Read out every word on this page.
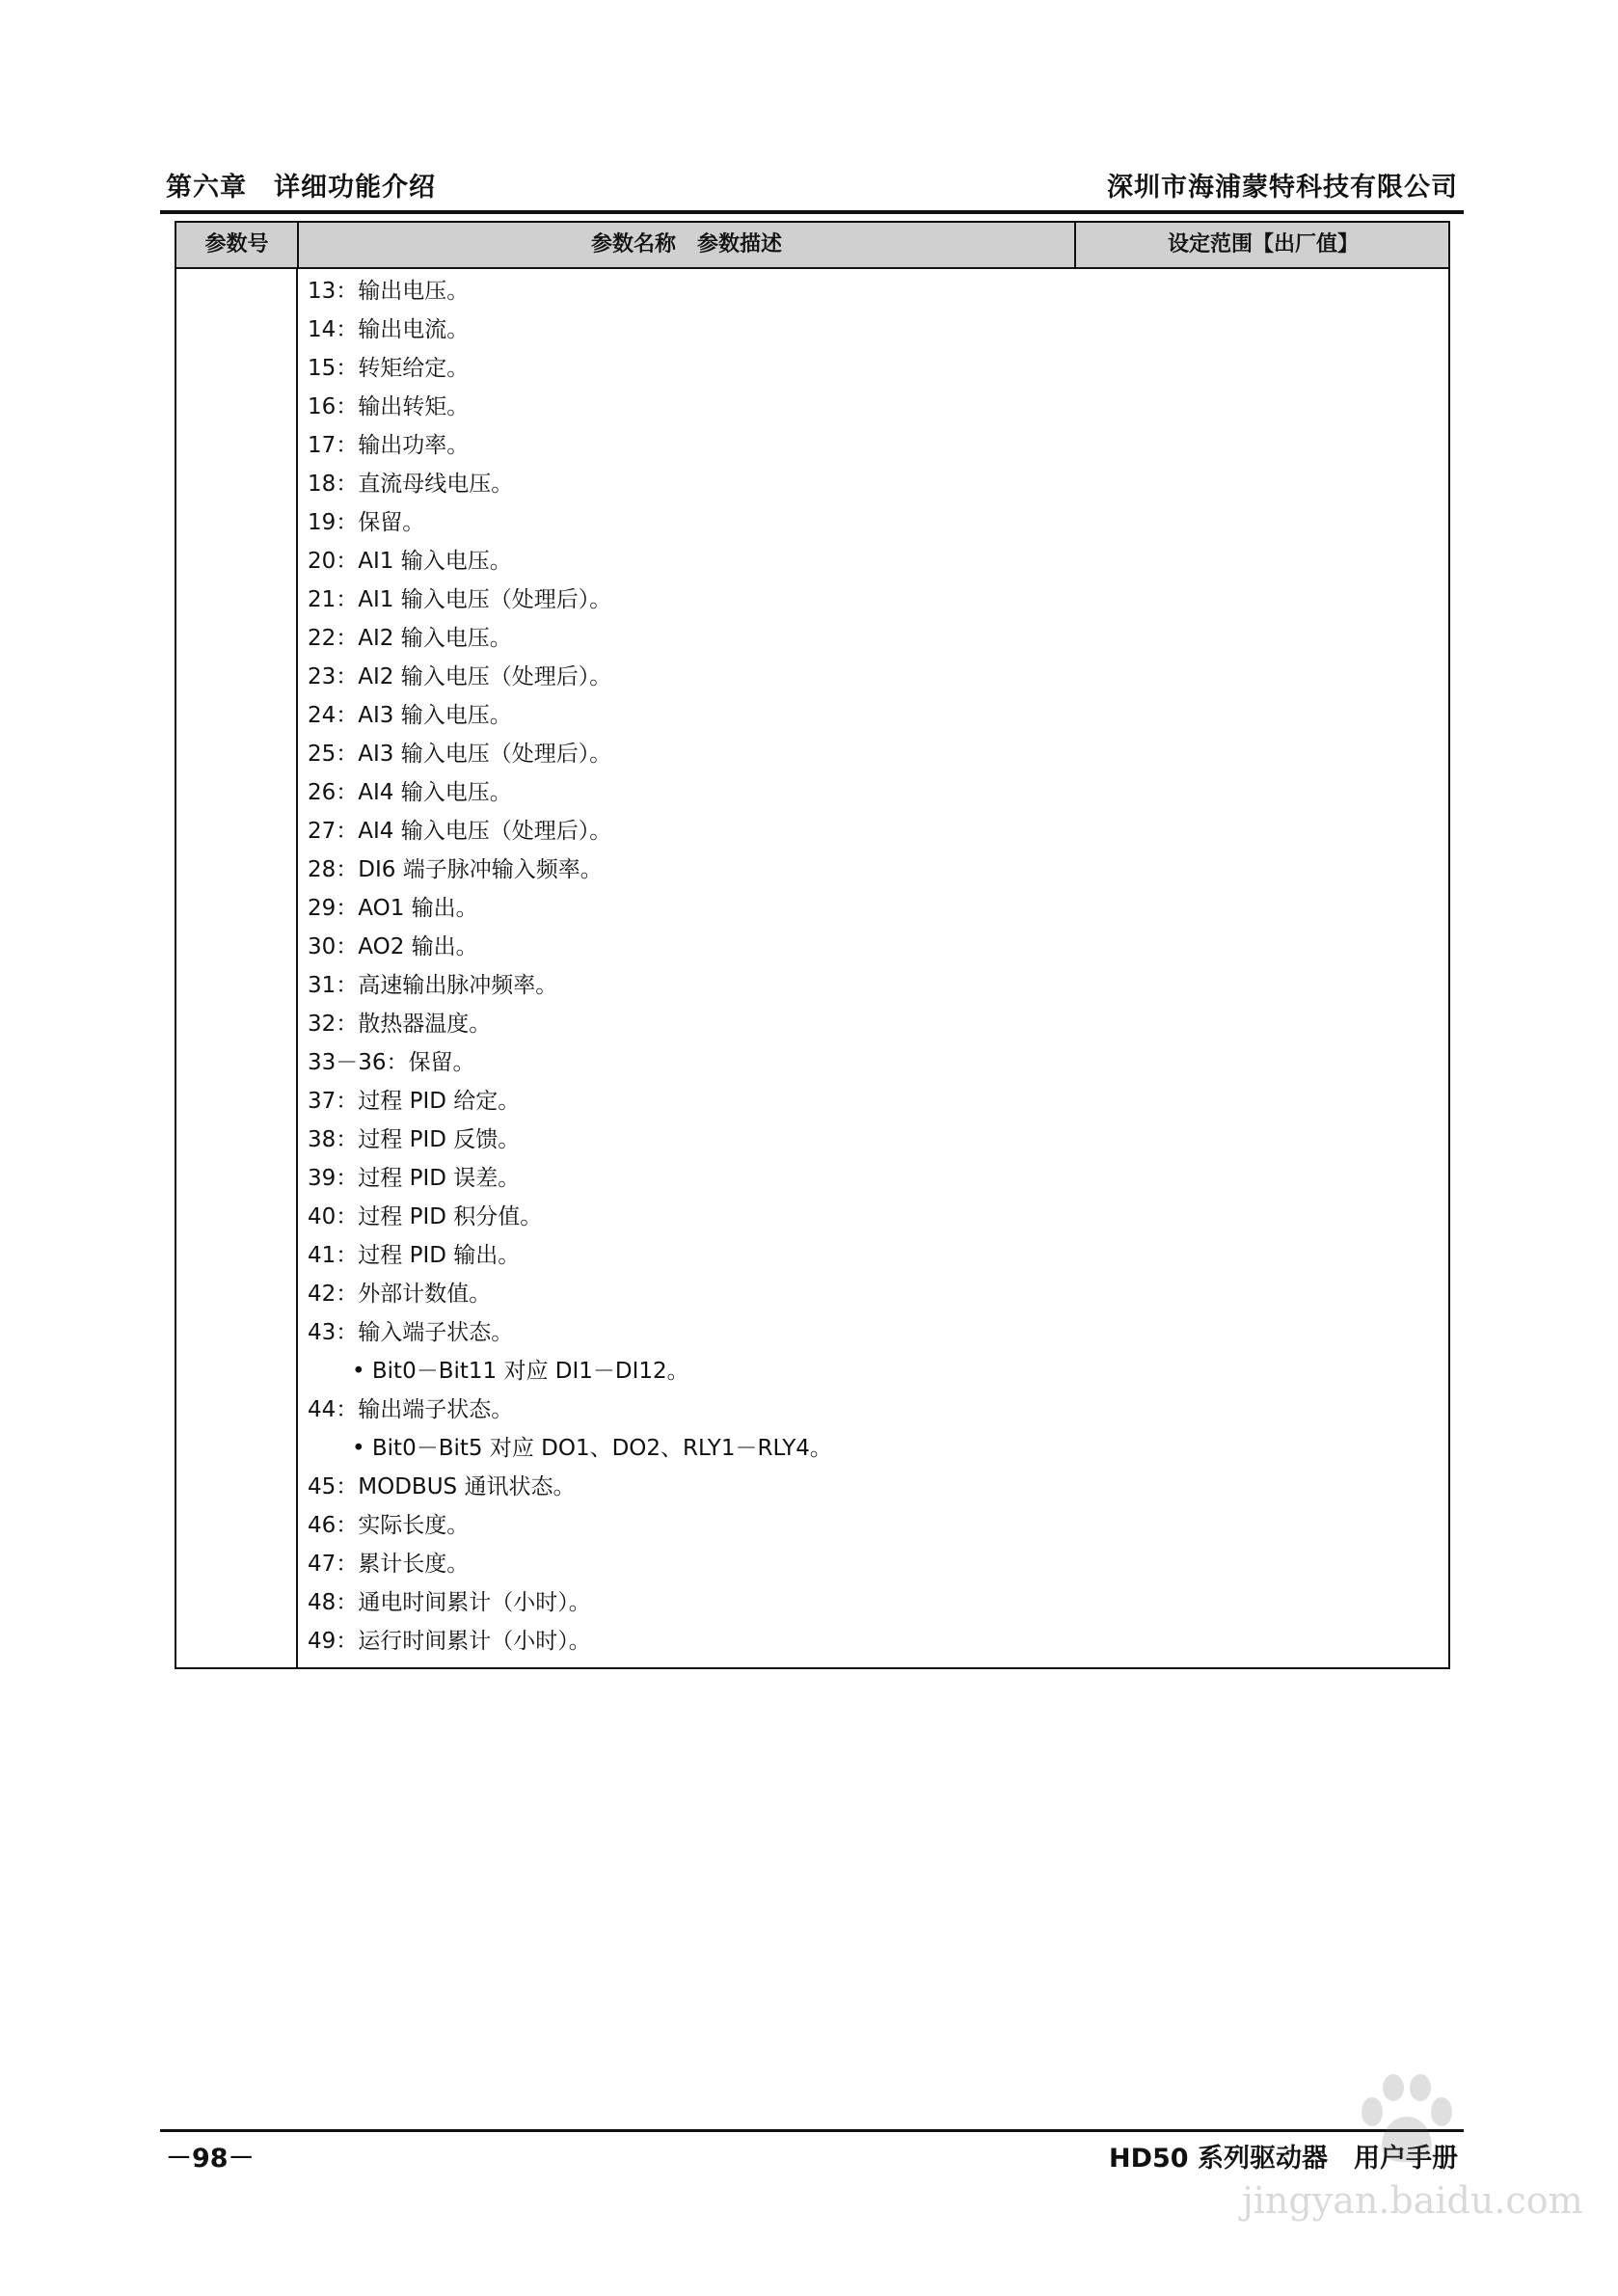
第六章　详细功能介绍	深圳市海浦蒙特科技有限公司
参数号	参数名称　参数描述	设定范围【出厂值】
13：输出电压。
14：输出电流。
15：转矩给定。
16：输出转矩。
17：输出功率。
18：直流母线电压。
19：保留。
20：AI1 输入电压。
21：AI1 输入电压（处理后）。
22：AI2 输入电压。
23：AI2 输入电压（处理后）。
24：AI3 输入电压。
25：AI3 输入电压（处理后）。
26：AI4 输入电压。
27：AI4 输入电压（处理后）。
28：DI6 端子脉冲输入频率。
29：AO1 输出。
30：AO2 输出。
31：高速输出脉冲频率。
32：散热器温度。
33－36：保留。
37：过程 PID 给定。
38：过程 PID 反馈。
39：过程 PID 误差。
40：过程 PID 积分值。
41：过程 PID 输出。
42：外部计数值。
43：输入端子状态。
• Bit0－Bit11 对应 DI1－DI12。
44：输出端子状态。
• Bit0－Bit5 对应 DO1、DO2、RLY1－RLY4。
45：MODBUS 通讯状态。
46：实际长度。
47：累计长度。
48：通电时间累计（小时）。
49：运行时间累计（小时）。
－98－	HD50 系列驱动器　用户手册
jingyan.baidu.com
